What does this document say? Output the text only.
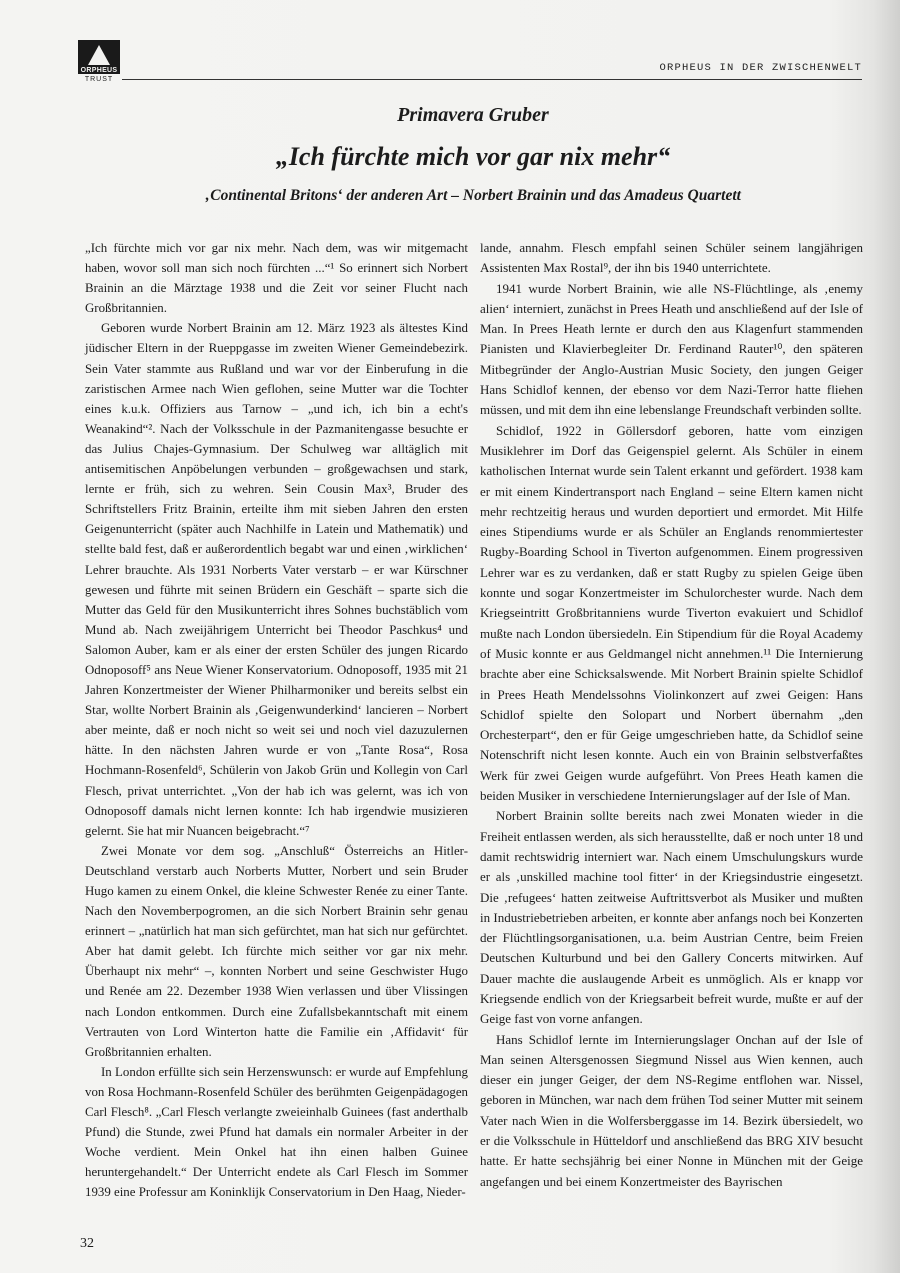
ORPHEUS
TRUST
ORPHEUS IN DER ZWISCHENWELT
Primavera Gruber
„Ich fürchte mich vor gar nix mehr“
‚Continental Britons‘ der anderen Art – Norbert Brainin und das Amadeus Quartett

„Ich fürchte mich vor gar nix mehr. Nach dem, was wir mitgemacht haben, wovor soll man sich noch fürchten ...“¹ So erinnert sich Norbert Brainin an die Märztage 1938 und die Zeit vor seiner Flucht nach Großbritannien.

Geboren wurde Norbert Brainin am 12. März 1923 als ältestes Kind jüdischer Eltern in der Rueppgasse im zweiten Wiener Gemeindebezirk. Sein Vater stammte aus Rußland und war vor der Einberufung in die zaristischen Armee nach Wien geflohen, seine Mutter war die Tochter eines k.u.k. Offiziers aus Tarnow – „und ich, ich bin a echt's Weanakind“². Nach der Volksschule in der Pazmanitengasse besuchte er das Julius Chajes-Gymnasium. Der Schulweg war alltäglich mit antisemitischen Anpöbelungen verbunden – großgewachsen und stark, lernte er früh, sich zu wehren. Sein Cousin Max³, Bruder des Schriftstellers Fritz Brainin, erteilte ihm mit sieben Jahren den ersten Geigenunterricht (später auch Nachhilfe in Latein und Mathematik) und stellte bald fest, daß er außerordentlich begabt war und einen ‚wirklichen‘ Lehrer brauchte. Als 1931 Norberts Vater verstarb – er war Kürschner gewesen und führte mit seinen Brüdern ein Geschäft – sparte sich die Mutter das Geld für den Musikunterricht ihres Sohnes buchstäblich vom Mund ab. Nach zweijährigem Unterricht bei Theodor Paschkus⁴ und Salomon Auber, kam er als einer der ersten Schüler des jungen Ricardo Odnoposoff⁵ ans Neue Wiener Konservatorium. Odnoposoff, 1935 mit 21 Jahren Konzertmeister der Wiener Philharmoniker und bereits selbst ein Star, wollte Norbert Brainin als ‚Geigenwunderkind‘ lancieren – Norbert aber meinte, daß er noch nicht so weit sei und noch viel dazuzulernen hätte. In den nächsten Jahren wurde er von „Tante Rosa“, Rosa Hochmann-Rosenfeld⁶, Schülerin von Jakob Grün und Kollegin von Carl Flesch, privat unterrichtet. „Von der hab ich was gelernt, was ich von Odnoposoff damals nicht lernen konnte: Ich hab irgendwie musizieren gelernt. Sie hat mir Nuancen beigebracht.“⁷

Zwei Monate vor dem sog. „Anschluß“ Österreichs an Hitler-Deutschland verstarb auch Norberts Mutter, Norbert und sein Bruder Hugo kamen zu einem Onkel, die kleine Schwester Renée zu einer Tante. Nach den Novemberpogromen, an die sich Norbert Brainin sehr genau erinnert – „natürlich hat man sich gefürchtet, man hat sich nur gefürchtet. Aber hat damit gelebt. Ich fürchte mich seither vor gar nix mehr. Überhaupt nix mehr“ –, konnten Norbert und seine Geschwister Hugo und Renée am 22. Dezember 1938 Wien verlassen und über Vlissingen nach London entkommen. Durch eine Zufallsbekanntschaft mit einem Vertrauten von Lord Winterton hatte die Familie ein ‚Affidavit‘ für Großbritannien erhalten.

In London erfüllte sich sein Herzenswunsch: er wurde auf Empfehlung von Rosa Hochmann-Rosenfeld Schüler des berühmten Geigenpädagogen Carl Flesch⁸. „Carl Flesch verlangte zweieinhalb Guinees (fast anderthalb Pfund) die Stunde, zwei Pfund hat damals ein normaler Arbeiter in der Woche verdient. Mein Onkel hat ihn einen halben Guinee heruntergehandelt.“ Der Unterricht endete als Carl Flesch im Sommer 1939 eine Professur am Koninklijk Conservatorium in Den Haag, Nieder-

lande, annahm. Flesch empfahl seinen Schüler seinem langjährigen Assistenten Max Rostal⁹, der ihn bis 1940 unterrichtete.

1941 wurde Norbert Brainin, wie alle NS-Flüchtlinge, als ‚enemy alien‘ interniert, zunächst in Prees Heath und anschließend auf der Isle of Man. In Prees Heath lernte er durch den aus Klagenfurt stammenden Pianisten und Klavierbegleiter Dr. Ferdinand Rauter¹⁰, den späteren Mitbegründer der Anglo-Austrian Music Society, den jungen Geiger Hans Schidlof kennen, der ebenso vor dem Nazi-Terror hatte fliehen müssen, und mit dem ihn eine lebenslange Freundschaft verbinden sollte.

Schidlof, 1922 in Göllersdorf geboren, hatte vom einzigen Musiklehrer im Dorf das Geigenspiel gelernt. Als Schüler in einem katholischen Internat wurde sein Talent erkannt und gefördert. 1938 kam er mit einem Kindertransport nach England – seine Eltern kamen nicht mehr rechtzeitig heraus und wurden deportiert und ermordet. Mit Hilfe eines Stipendiums wurde er als Schüler an Englands renommiertester Rugby-Boarding School in Tiverton aufgenommen. Einem progressiven Lehrer war es zu verdanken, daß er statt Rugby zu spielen Geige üben konnte und sogar Konzertmeister im Schulorchester wurde. Nach dem Kriegseintritt Großbritanniens wurde Tiverton evakuiert und Schidlof mußte nach London übersiedeln. Ein Stipendium für die Royal Academy of Music konnte er aus Geldmangel nicht annehmen.¹¹ Die Internierung brachte aber eine Schicksalswende. Mit Norbert Brainin spielte Schidlof in Prees Heath Mendelssohns Violinkonzert auf zwei Geigen: Hans Schidlof spielte den Solopart und Norbert übernahm „den Orchesterpart“, den er für Geige umgeschrieben hatte, da Schidlof seine Notenschrift nicht lesen konnte. Auch ein von Brainin selbstverfaßtes Werk für zwei Geigen wurde aufgeführt. Von Prees Heath kamen die beiden Musiker in verschiedene Internierungslager auf der Isle of Man.

Norbert Brainin sollte bereits nach zwei Monaten wieder in die Freiheit entlassen werden, als sich herausstellte, daß er noch unter 18 und damit rechtswidrig interniert war. Nach einem Umschulungskurs wurde er als ‚unskilled machine tool fitter‘ in der Kriegsindustrie eingesetzt. Die ‚refugees‘ hatten zeitweise Auftrittsverbot als Musiker und mußten in Industriebetrieben arbeiten, er konnte aber anfangs noch bei Konzerten der Flüchtlingsorganisationen, u.a. beim Austrian Centre, beim Freien Deutschen Kulturbund und bei den Gallery Concerts mitwirken. Auf Dauer machte die auslaugende Arbeit es unmöglich. Als er knapp vor Kriegsende endlich von der Kriegsarbeit befreit wurde, mußte er auf der Geige fast von vorne anfangen.

Hans Schidlof lernte im Internierungslager Onchan auf der Isle of Man seinen Altersgenossen Siegmund Nissel aus Wien kennen, auch dieser ein junger Geiger, der dem NS-Regime entflohen war. Nissel, geboren in München, war nach dem frühen Tod seiner Mutter mit seinem Vater nach Wien in die Wolfersberggasse im 14. Bezirk übersiedelt, wo er die Volksschule in Hütteldorf und anschließend das BRG XIV besucht hatte. Er hatte sechsjährig bei einer Nonne in München mit der Geige angefangen und bei einem Konzertmeister des Bayrischen

32
